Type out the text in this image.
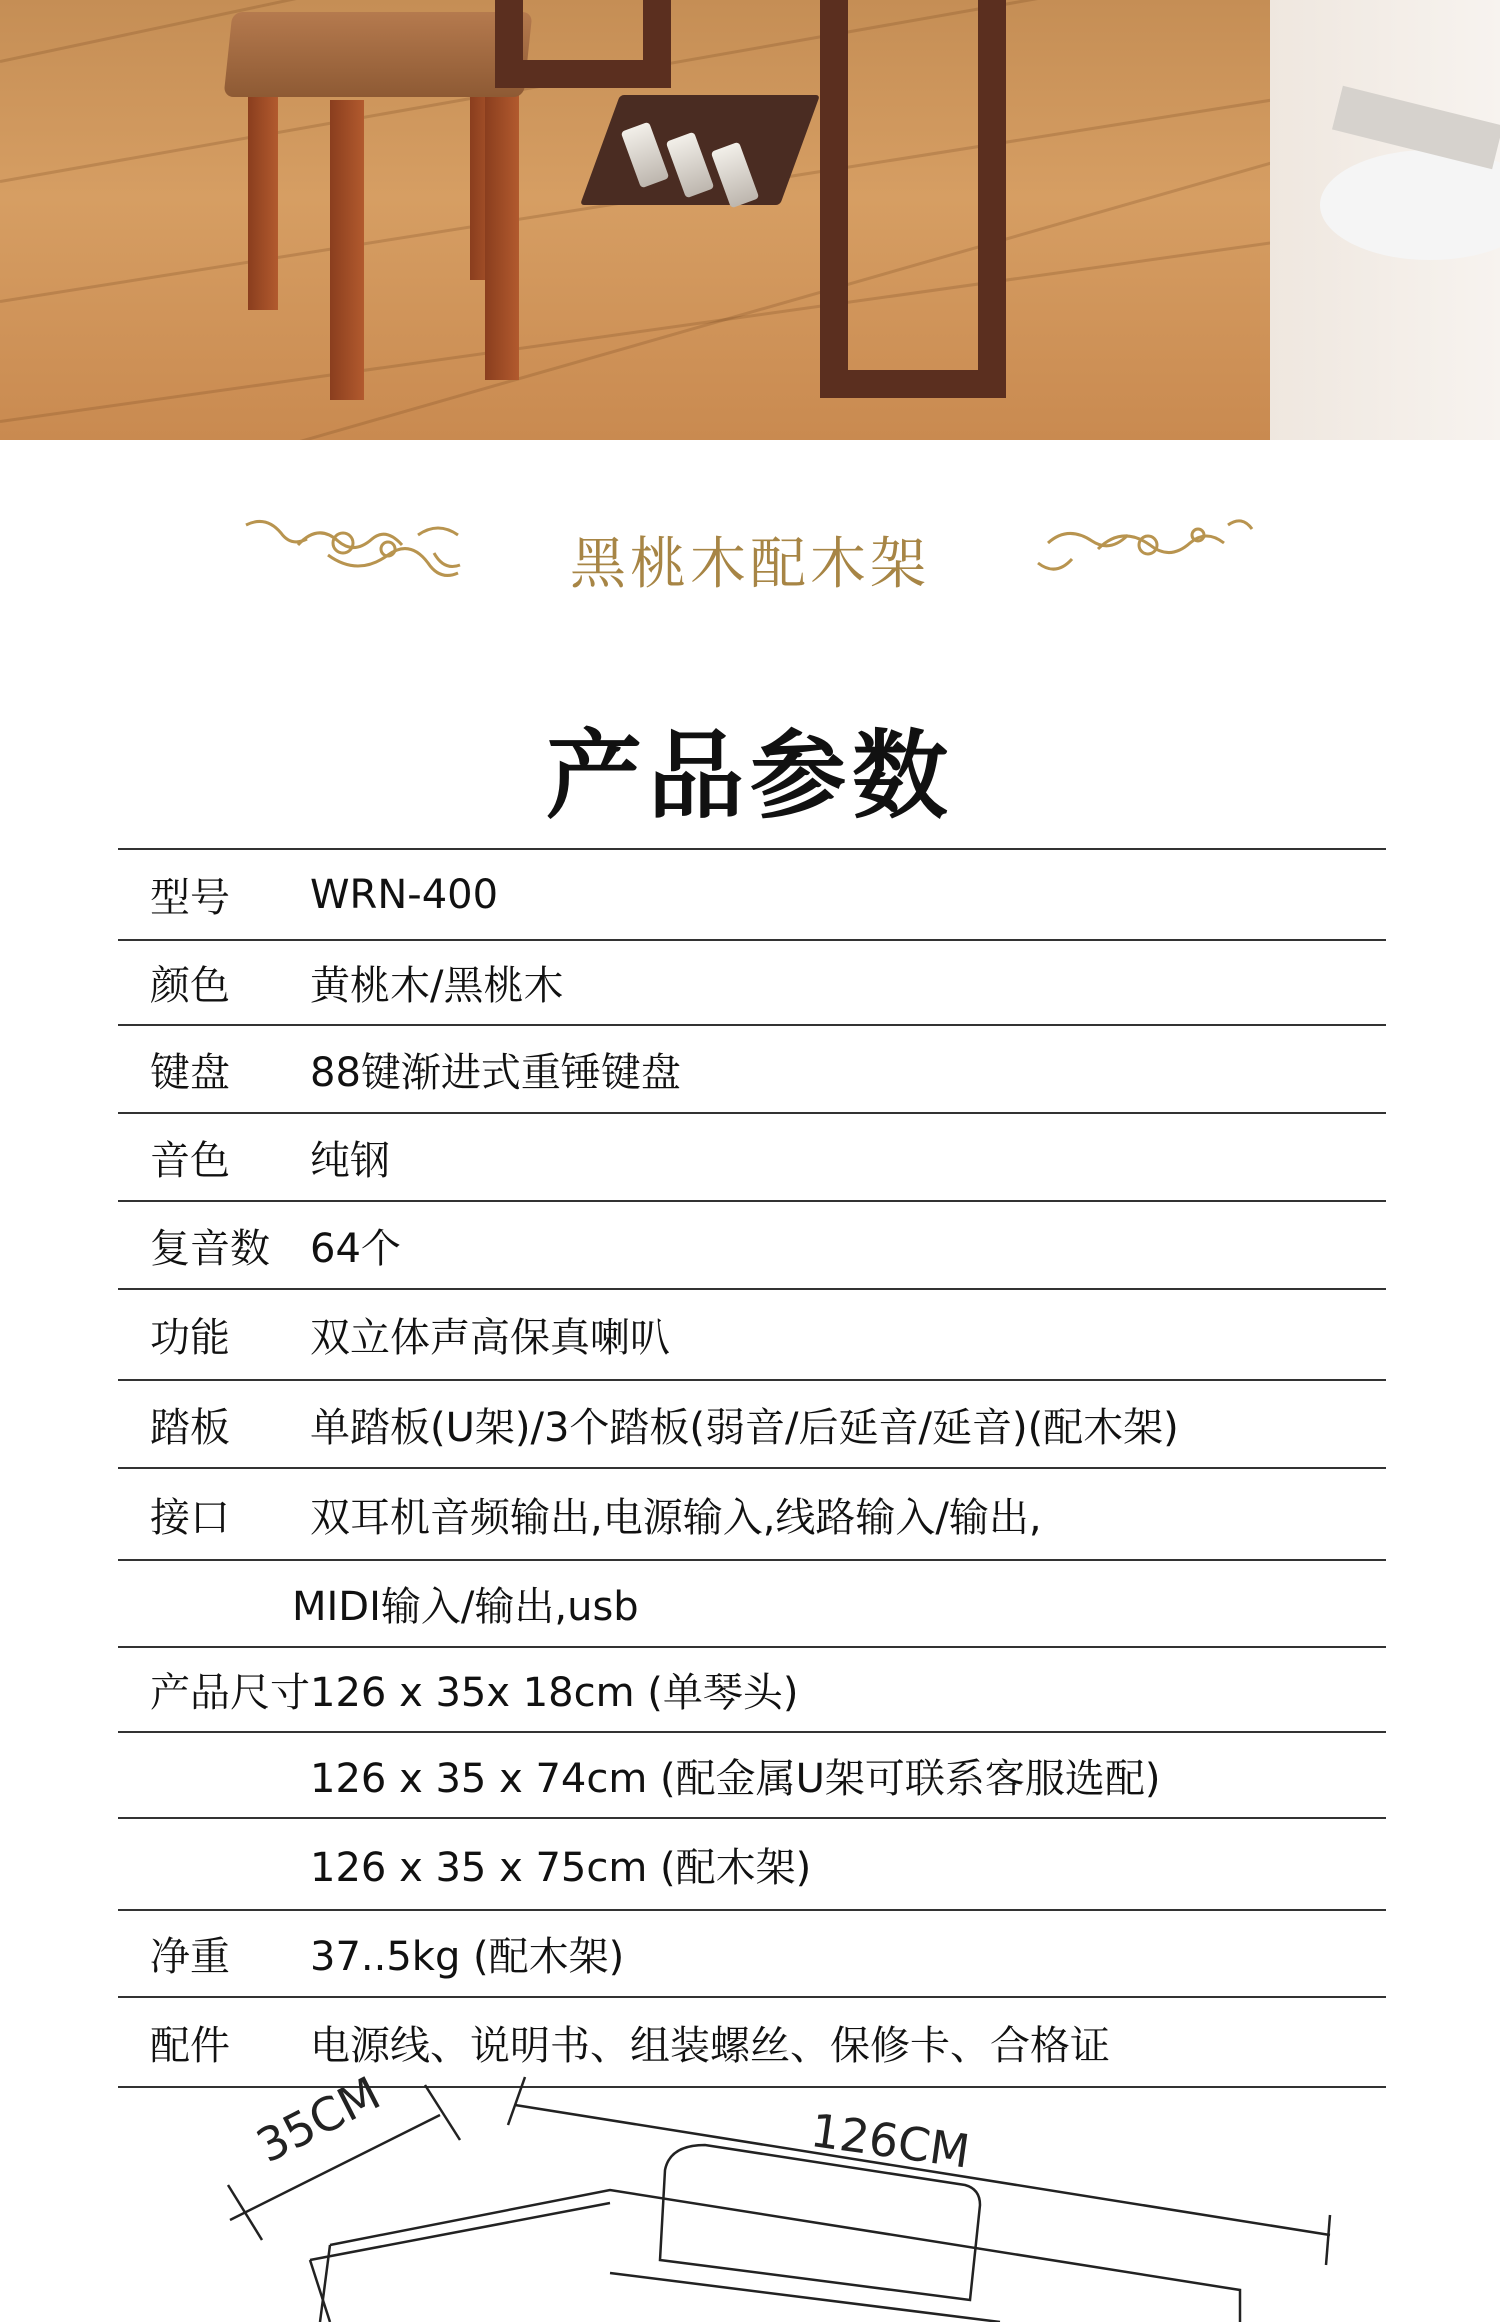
黑桃木配木架
产品参数
型号	WRN-400
颜色	黄桃木/黑桃木
键盘	88键渐进式重锤键盘
音色	纯钢
复音数	64个
功能	双立体声高保真喇叭
踏板	单踏板(U架)/3个踏板(弱音/后延音/延音)(配木架)
接口	双耳机音频输出,电源输入,线路输入/输出,
MIDI输入/输出,usb
产品尺寸 126 x 35x 18cm (单琴头)
126 x 35 x 74cm (配金属U架可联系客服选配)
126 x 35 x 75cm (配木架)
净重	37..5kg (配木架)
配件	电源线、说明书、组装螺丝、保修卡、合格证
35CM	126CM
